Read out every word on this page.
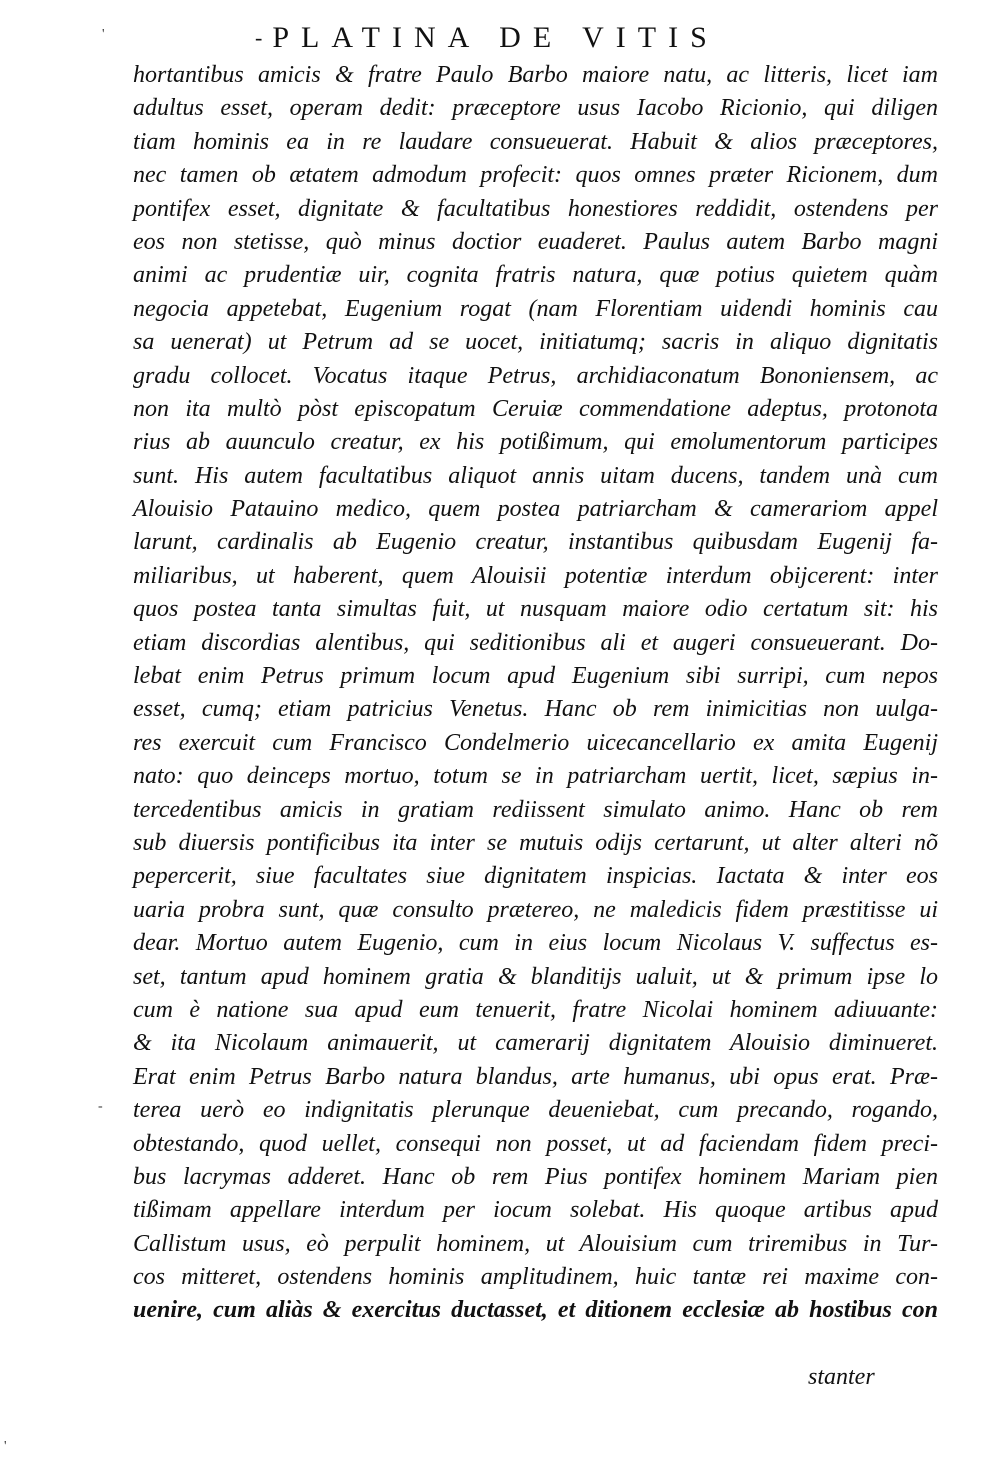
'
-
'
- PLATINA DE VITIS
hortantibus amicis & fratre Paulo Barbo maiore natu, ac litteris, licet iam
adultus esset, operam dedit: præceptore usus Iacobo Ricionio, qui diligen
tiam hominis ea in re laudare consueuerat. Habuit & alios præceptores,
nec tamen ob ætatem admodum profecit: quos omnes præter Ricionem, dum
pontifex esset, dignitate & facultatibus honestiores reddidit, ostendens per
eos non stetisse, quò minus doctior euaderet. Paulus autem Barbo magni
animi ac prudentiæ uir, cognita fratris natura, quæ potius quietem quàm
negocia appetebat, Eugenium rogat (nam Florentiam uidendi hominis cau
sa uenerat) ut Petrum ad se uocet, initiatumq; sacris in aliquo dignitatis
gradu collocet. Vocatus itaque Petrus, archidiaconatum Bononiensem, ac
non ita multò pòst episcopatum Ceruiæ commendatione adeptus, protonota
rius ab auunculo creatur, ex his potißimum, qui emolumentorum participes
sunt. His autem facultatibus aliquot annis uitam ducens, tandem unà cum
Alouisio Patauino medico, quem postea patriarcham & camerariom appel
larunt, cardinalis ab Eugenio creatur, instantibus quibusdam Eugenij fa-
miliaribus, ut haberent, quem Alouisii potentiæ interdum obijcerent: inter
quos postea tanta simultas fuit, ut nusquam maiore odio certatum sit: his
etiam discordias alentibus, qui seditionibus ali et augeri consueuerant. Do-
lebat enim Petrus primum locum apud Eugenium sibi surripi, cum nepos
esset, cumq; etiam patricius Venetus. Hanc ob rem inimicitias non uulga-
res exercuit cum Francisco Condelmerio uicecancellario ex amita Eugenij
nato: quo deinceps mortuo, totum se in patriarcham uertit, licet, sæpius in-
tercedentibus amicis in gratiam rediissent simulato animo. Hanc ob rem
sub diuersis pontificibus ita inter se mutuis odijs certarunt, ut alter alteri nõ
pepercerit, siue facultates siue dignitatem inspicias. Iactata & inter eos
uaria probra sunt, quæ consulto prætereo, ne maledicis fidem præstitisse ui
dear. Mortuo autem Eugenio, cum in eius locum Nicolaus V. suffectus es-
set, tantum apud hominem gratia & blanditijs ualuit, ut & primum ipse lo
cum è natione sua apud eum tenuerit, fratre Nicolai hominem adiuuante:
& ita Nicolaum animauerit, ut camerarij dignitatem Alouisio diminueret.
Erat enim Petrus Barbo natura blandus, arte humanus, ubi opus erat. Præ-
terea uerò eo indignitatis plerunque deueniebat, cum precando, rogando,
obtestando, quod uellet, consequi non posset, ut ad faciendam fidem preci-
bus lacrymas adderet. Hanc ob rem Pius pontifex hominem Mariam pien
tißimam appellare interdum per iocum solebat. His quoque artibus apud
Callistum usus, eò perpulit hominem, ut Alouisium cum triremibus in Tur-
cos mitteret, ostendens hominis amplitudinem, huic tantæ rei maxime con-
uenire, cum aliàs & exercitus ductasset, et ditionem ecclesiæ ab hostibus con
stanter
